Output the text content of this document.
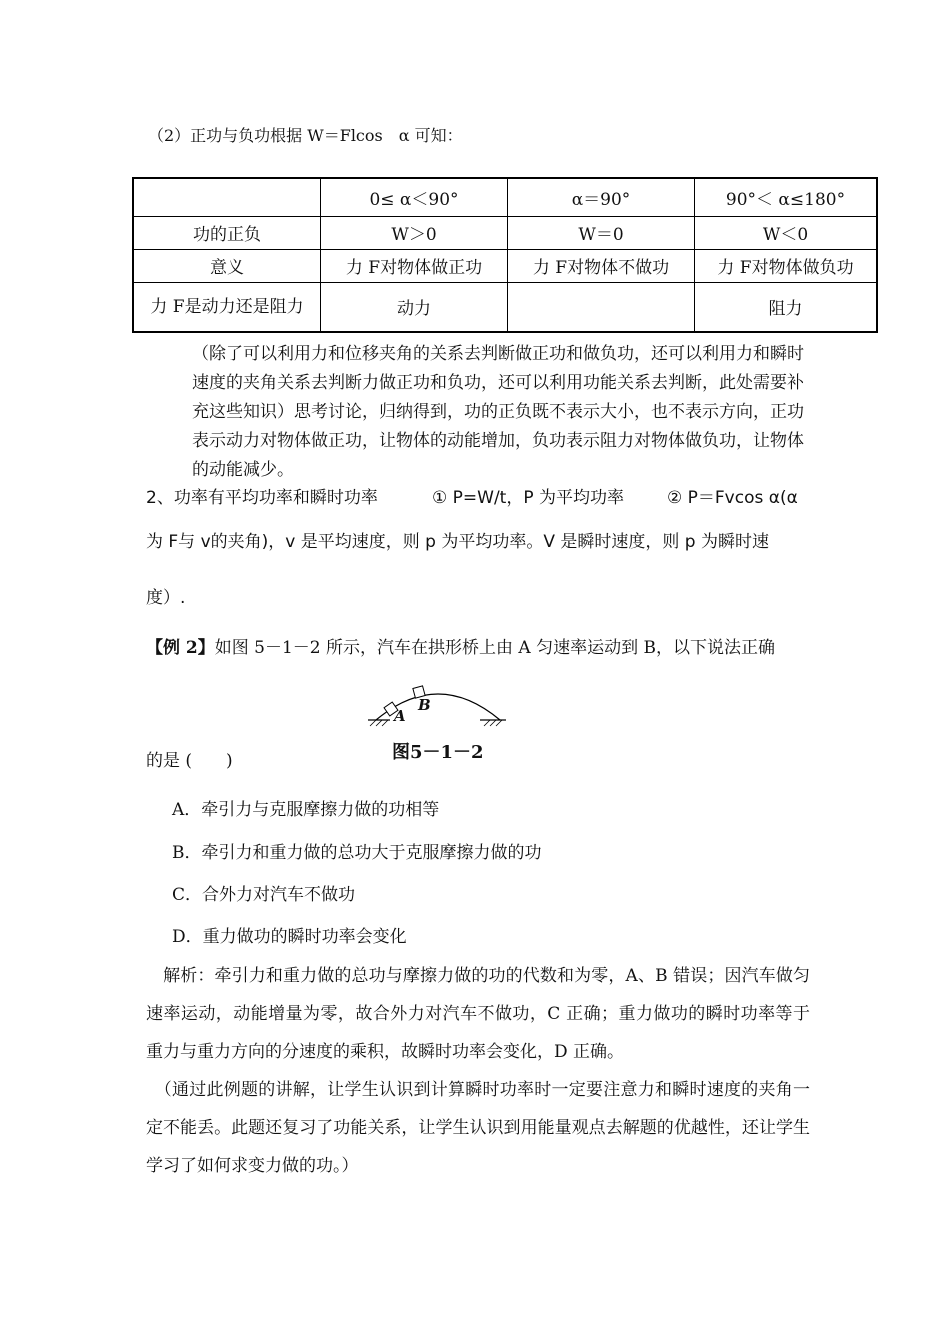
（2）正功与负功根据 W＝Flcos　α 可知：
	0≤ α＜90°	α＝90°	90°＜ α≤180°
功的正负	W＞0	W＝0	W＜0
意义	力 F对物体做正功	力 F对物体不做功	力 F对物体做负功
力 F是动力还是阻力	动力		阻力
（除了可以利用力和位移夹角的关系去判断做正功和做负功，还可以利用力和瞬时速度的夹角关系去判断力做正功和负功，还可以利用功能关系去判断，此处需要补充这些知识）思考讨论，归纳得到，功的正负既不表示大小，也不表示方向，正功表示动力对物体做正功，让物体的动能增加，负功表示阻力对物体做负功，让物体的动能减少。
2、功率有平均功率和瞬时功率	① P=W/t，P 为平均功率	② P＝Fvcos α(α
为 F与 v的夹角)，v 是平均速度，则 p 为平均功率。V 是瞬时速度，则 p 为瞬时速
度）.
【例 2】如图 5－1－2 所示，汽车在拱形桥上由 A 匀速率运动到 B，以下说法正确
A
B
图5－1－2
的是 (　　)
A．牵引力与克服摩擦力做的功相等
B．牵引力和重力做的总功大于克服摩擦力做的功
C．合外力对汽车不做功
D．重力做功的瞬时功率会变化
　解析：牵引力和重力做的总功与摩擦力做的功的代数和为零，A、B 错误；因汽车做匀速率运动，动能增量为零，故合外力对汽车不做功，C 正确；重力做功的瞬时功率等于重力与重力方向的分速度的乘积，故瞬时功率会变化，D 正确。
　（通过此例题的讲解，让学生认识到计算瞬时功率时一定要注意力和瞬时速度的夹角一定不能丢。此题还复习了功能关系，让学生认识到用能量观点去解题的优越性，还让学生学习了如何求变力做的功。）
